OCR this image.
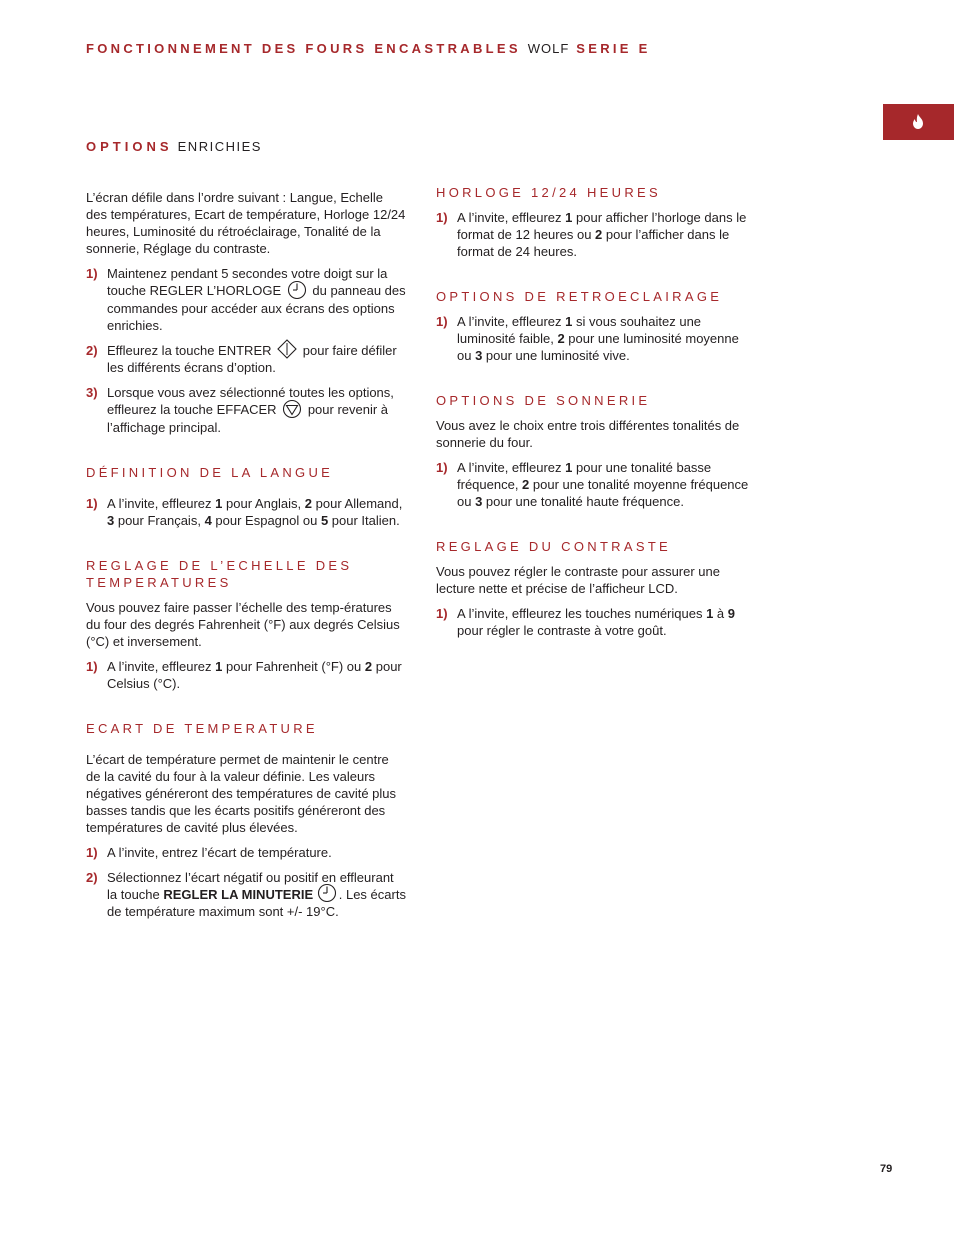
FONCTIONNEMENT DES FOURS ENCASTRABLES WOLF SERIE E
OPTIONS ENRICHIES

L’écran défile dans l’ordre suivant : Langue, Echelle des températures, Ecart de température, Horloge 12/24 heures, Luminosité du rétroéclairage, Tonalité de la sonnerie, Réglage du contraste.

1) Maintenez pendant 5 secondes votre doigt sur la touche REGLER L’HORLOGE du panneau des commandes pour accéder aux écrans des options enrichies.
2) Effleurez la touche ENTRER pour faire défiler les différents écrans d’option.
3) Lorsque vous avez sélectionné toutes les options, effleurez la touche EFFACER pour revenir à l’affichage principal.
DÉFINITION DE LA LANGUE
1) A l’invite, effleurez 1 pour Anglais, 2 pour Allemand, 3 pour Français, 4 pour Espagnol ou 5 pour Italien.
REGLAGE DE L’ECHELLE DES TEMPERATURES

Vous pouvez faire passer l’échelle des temp-ératures du four des degrés Fahrenheit (°F) aux degrés Celsius (°C) et inversement.

1) A l’invite, effleurez 1 pour Fahrenheit (°F) ou 2 pour Celsius (°C).
ECART DE TEMPERATURE

L’écart de température permet de maintenir le centre de la cavité du four à la valeur définie. Les valeurs négatives généreront des températures de cavité plus basses tandis que les écarts positifs généreront des températures de cavité plus élevées.

1) A l’invite, entrez l’écart de température.
2) Sélectionnez l’écart négatif ou positif en effleurant la touche REGLER LA MINUTERIE . Les écarts de température maximum sont +/- 19°C.
HORLOGE 12/24 HEURES
1) A l’invite, effleurez 1 pour afficher l’horloge dans le format de 12 heures ou 2 pour l’afficher dans le format de 24 heures.
OPTIONS DE RETROECLAIRAGE
1) A l’invite, effleurez 1 si vous souhaitez une luminosité faible, 2 pour une luminosité moyenne ou 3 pour une luminosité vive.
OPTIONS DE SONNERIE

Vous avez le choix entre trois différentes tonalités de sonnerie du four.

1) A l’invite, effleurez 1 pour une tonalité basse fréquence, 2 pour une tonalité moyenne fréquence ou 3 pour une tonalité haute fréquence.
REGLAGE DU CONTRASTE

Vous pouvez régler le contraste pour assurer une lecture nette et précise de l’afficheur LCD.

1) A l’invite, effleurez les touches numériques 1 à 9 pour régler le contraste à votre goût.
79
